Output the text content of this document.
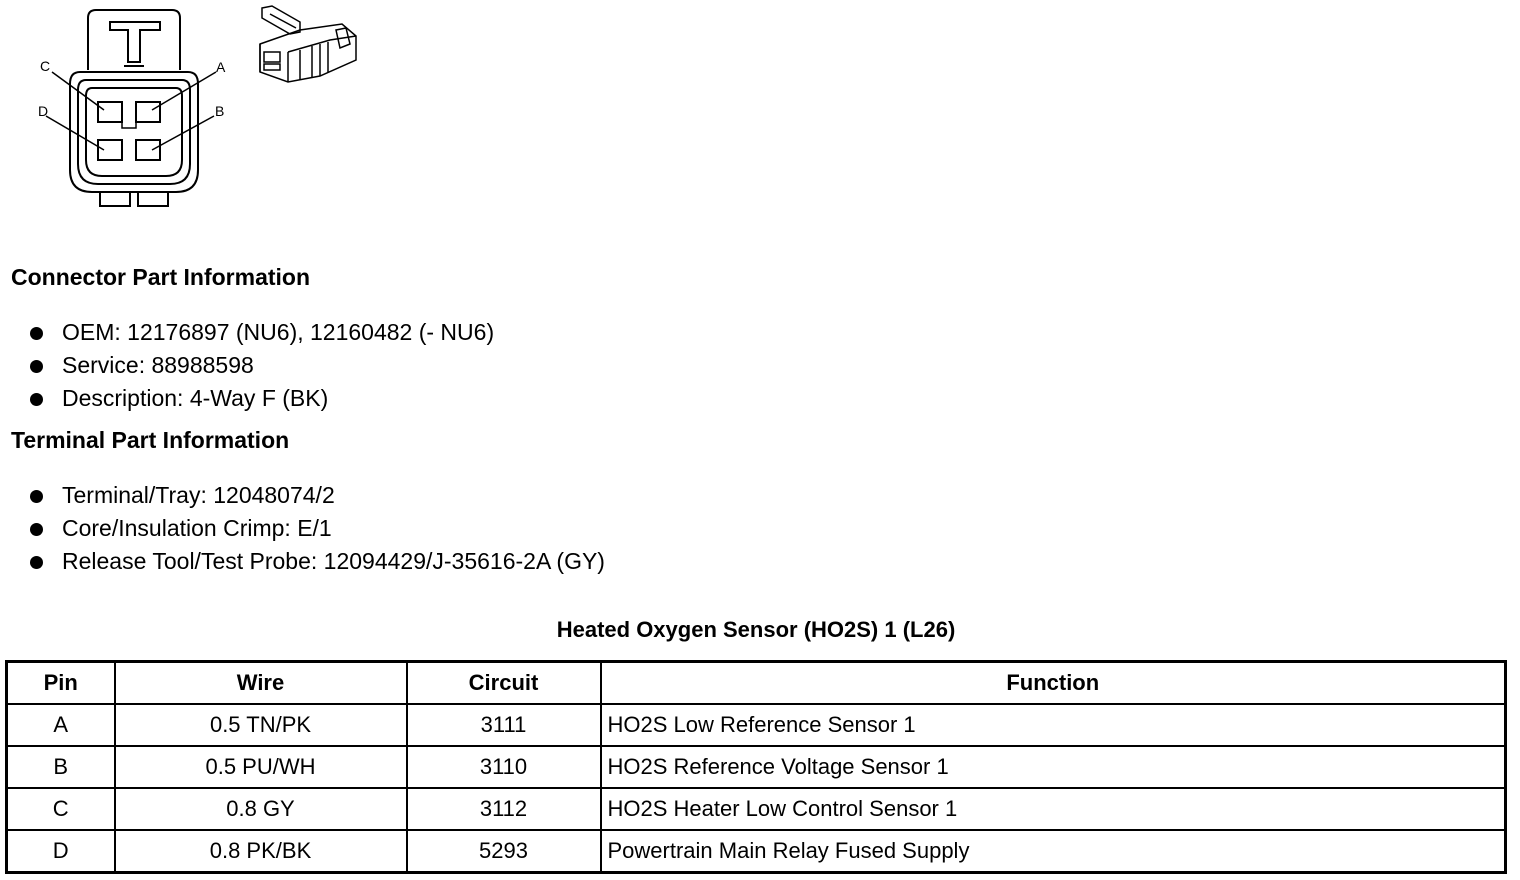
C	A
D	B
Connector Part Information
OEM: 12176897 (NU6), 12160482 (- NU6)
Service: 88988598
Description: 4-Way F (BK)
Terminal Part Information
Terminal/Tray: 12048074/2
Core/Insulation Crimp: E/1
Release Tool/Test Probe: 12094429/J-35616-2A (GY)
Heated Oxygen Sensor (HO2S) 1 (L26)
Pin	Wire	Circuit	Function
A	0.5 TN/PK	3111	HO2S Low Reference Sensor 1
B	0.5 PU/WH	3110	HO2S Reference Voltage Sensor 1
C	0.8 GY	3112	HO2S Heater Low Control Sensor 1
D	0.8 PK/BK	5293	Powertrain Main Relay Fused Supply
